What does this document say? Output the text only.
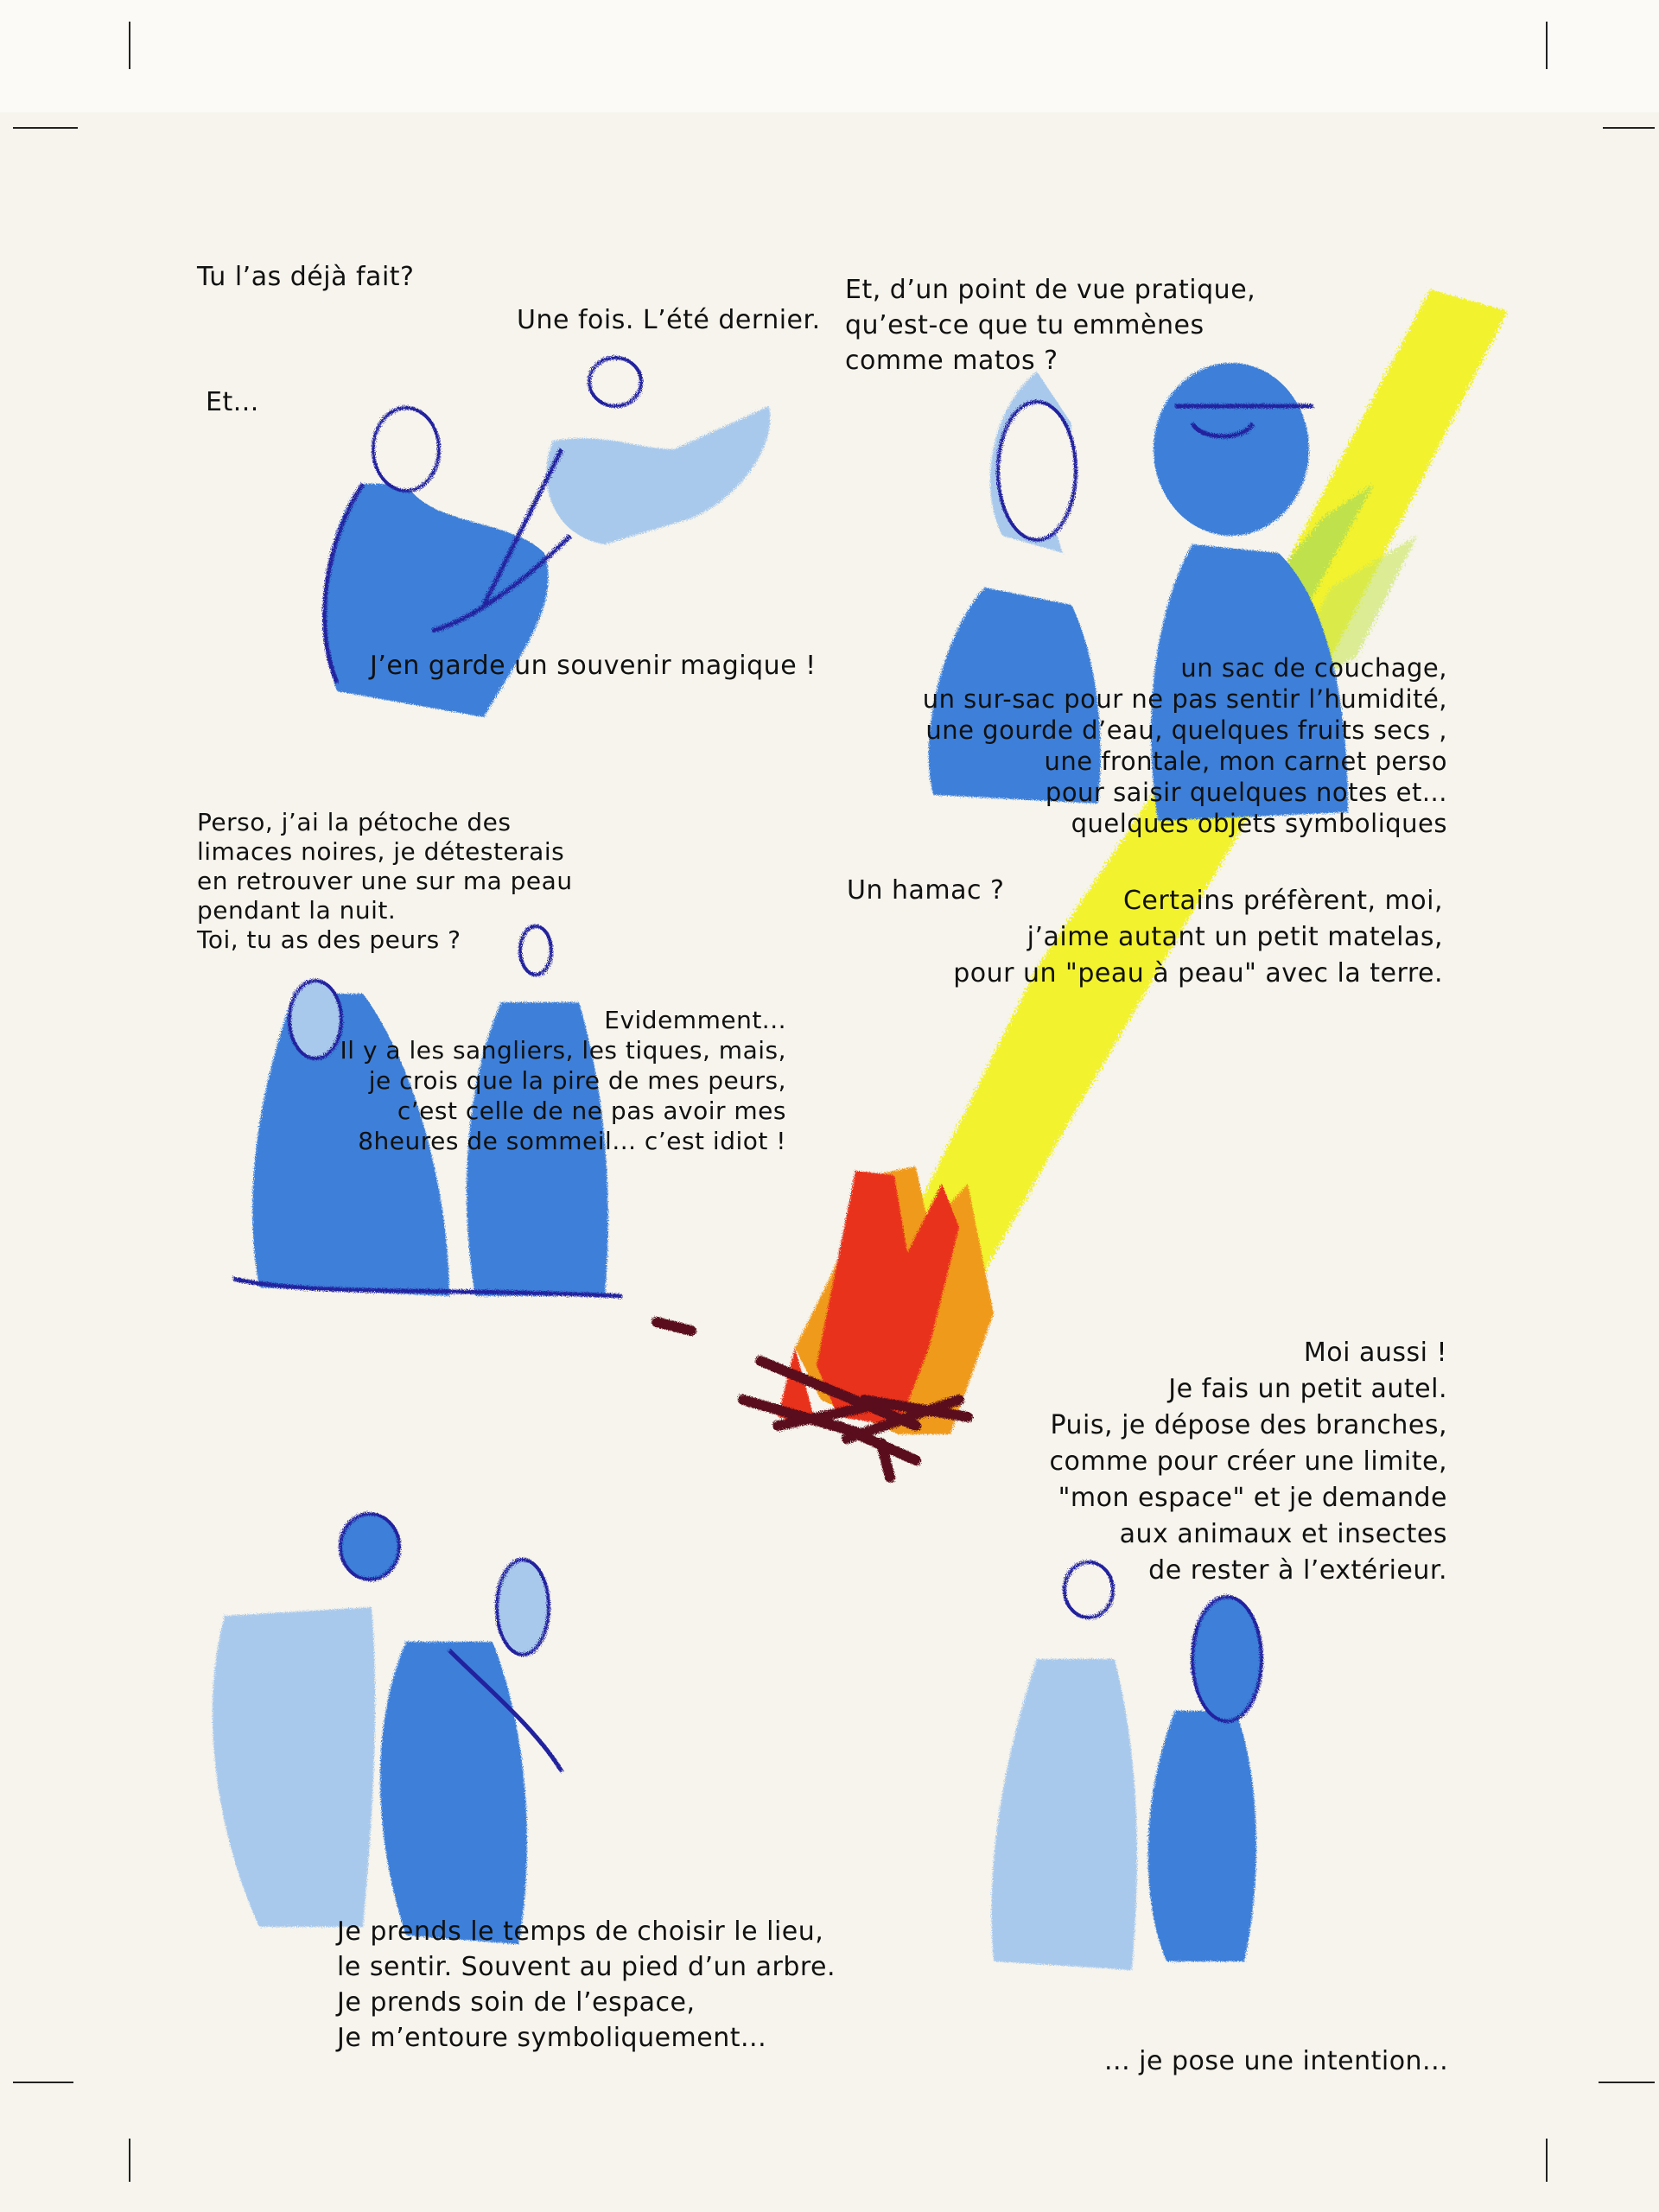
Tu l’as déjà fait?
Une fois. L’été dernier.
Et...
J’en garde un souvenir magique !
Et, d’un point de vue pratique,
qu’est-ce que tu emmènes
comme matos ?
un sac de couchage,
un sur-sac pour ne pas sentir l’humidité,
une gourde d’eau, quelques fruits secs ,
une frontale, mon carnet perso
pour saisir quelques notes et...
quelques objets symboliques
Perso, j’ai la pétoche des
limaces noires, je détesterais
en retrouver une sur ma peau
pendant la nuit.
Toi, tu as des peurs ?
Evidemment...
Il y a les sangliers, les tiques, mais,
je crois que la pire de mes peurs,
c’est celle de ne pas avoir mes
8heures de sommeil... c’est idiot !
Un hamac ?	Certains préfèrent, moi,
j’aime autant un petit matelas,
pour un "peau à peau" avec la terre.
Moi aussi !
Je fais un petit autel.
Puis, je dépose des branches,
comme pour créer une limite,
"mon espace" et je demande
aux animaux et insectes
de rester à l’extérieur.
Je prends le temps de choisir le lieu,
le sentir. Souvent au pied d’un arbre.
Je prends soin de l’espace,
Je m’entoure symboliquement...
... je pose une intention...
